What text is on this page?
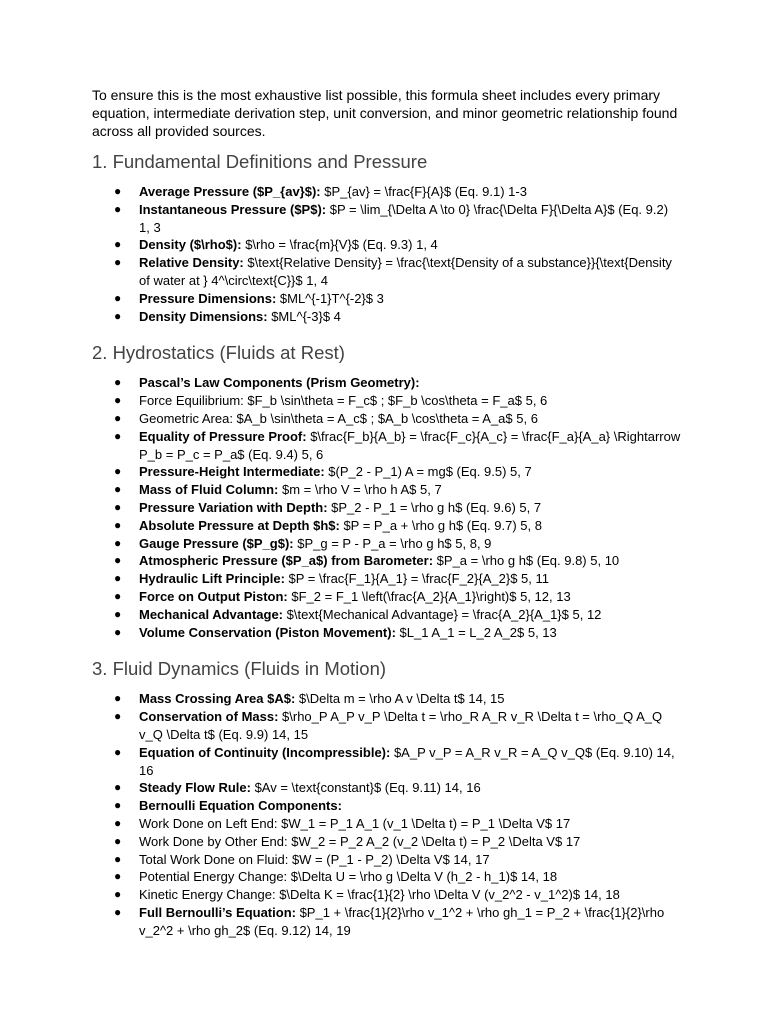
To ensure this is the most exhaustive list possible, this formula sheet includes every primary equation, intermediate derivation step, unit conversion, and minor geometric relationship found across all provided sources.

1. Fundamental Definitions and Pressure
● Average Pressure ($P_{av}$): $P_{av} = \frac{F}{A}$ (Eq. 9.1) 1-3
● Instantaneous Pressure ($P$): $P = \lim_{\Delta A \to 0} \frac{\Delta F}{\Delta A}$ (Eq. 9.2) 1, 3
● Density ($\rho$): $\rho = \frac{m}{V}$ (Eq. 9.3) 1, 4
● Relative Density: $\text{Relative Density} = \frac{\text{Density of a substance}}{\text{Density of water at } 4^\circ\text{C}}$ 1, 4
● Pressure Dimensions: $ML^{-1}T^{-2}$ 3
● Density Dimensions: $ML^{-3}$ 4
2. Hydrostatics (Fluids at Rest)
● Pascal’s Law Components (Prism Geometry):
● Force Equilibrium: $F_b \sin\theta = F_c$ ; $F_b \cos\theta = F_a$ 5, 6
● Geometric Area: $A_b \sin\theta = A_c$ ; $A_b \cos\theta = A_a$ 5, 6
● Equality of Pressure Proof: $\frac{F_b}{A_b} = \frac{F_c}{A_c} = \frac{F_a}{A_a} \Rightarrow P_b = P_c = P_a$ (Eq. 9.4) 5, 6
● Pressure-Height Intermediate: $(P_2 - P_1) A = mg$ (Eq. 9.5) 5, 7
● Mass of Fluid Column: $m = \rho V = \rho h A$ 5, 7
● Pressure Variation with Depth: $P_2 - P_1 = \rho g h$ (Eq. 9.6) 5, 7
● Absolute Pressure at Depth $h$: $P = P_a + \rho g h$ (Eq. 9.7) 5, 8
● Gauge Pressure ($P_g$): $P_g = P - P_a = \rho g h$ 5, 8, 9
● Atmospheric Pressure ($P_a$) from Barometer: $P_a = \rho g h$ (Eq. 9.8) 5, 10
● Hydraulic Lift Principle: $P = \frac{F_1}{A_1} = \frac{F_2}{A_2}$ 5, 11
● Force on Output Piston: $F_2 = F_1 \left(\frac{A_2}{A_1}\right)$ 5, 12, 13
● Mechanical Advantage: $\text{Mechanical Advantage} = \frac{A_2}{A_1}$ 5, 12
● Volume Conservation (Piston Movement): $L_1 A_1 = L_2 A_2$ 5, 13
3. Fluid Dynamics (Fluids in Motion)
● Mass Crossing Area $A$: $\Delta m = \rho A v \Delta t$ 14, 15
● Conservation of Mass: $\rho_P A_P v_P \Delta t = \rho_R A_R v_R \Delta t = \rho_Q A_Q v_Q \Delta t$ (Eq. 9.9) 14, 15
● Equation of Continuity (Incompressible): $A_P v_P = A_R v_R = A_Q v_Q$ (Eq. 9.10) 14, 16
● Steady Flow Rule: $Av = \text{constant}$ (Eq. 9.11) 14, 16
● Bernoulli Equation Components:
● Work Done on Left End: $W_1 = P_1 A_1 (v_1 \Delta t) = P_1 \Delta V$ 17
● Work Done by Other End: $W_2 = P_2 A_2 (v_2 \Delta t) = P_2 \Delta V$ 17
● Total Work Done on Fluid: $W = (P_1 - P_2) \Delta V$ 14, 17
● Potential Energy Change: $\Delta U = \rho g \Delta V (h_2 - h_1)$ 14, 18
● Kinetic Energy Change: $\Delta K = \frac{1}{2} \rho \Delta V (v_2^2 - v_1^2)$ 14, 18
● Full Bernoulli’s Equation: $P_1 + \frac{1}{2}\rho v_1^2 + \rho gh_1 = P_2 + \frac{1}{2}\rho v_2^2 + \rho gh_2$ (Eq. 9.12) 14, 19
